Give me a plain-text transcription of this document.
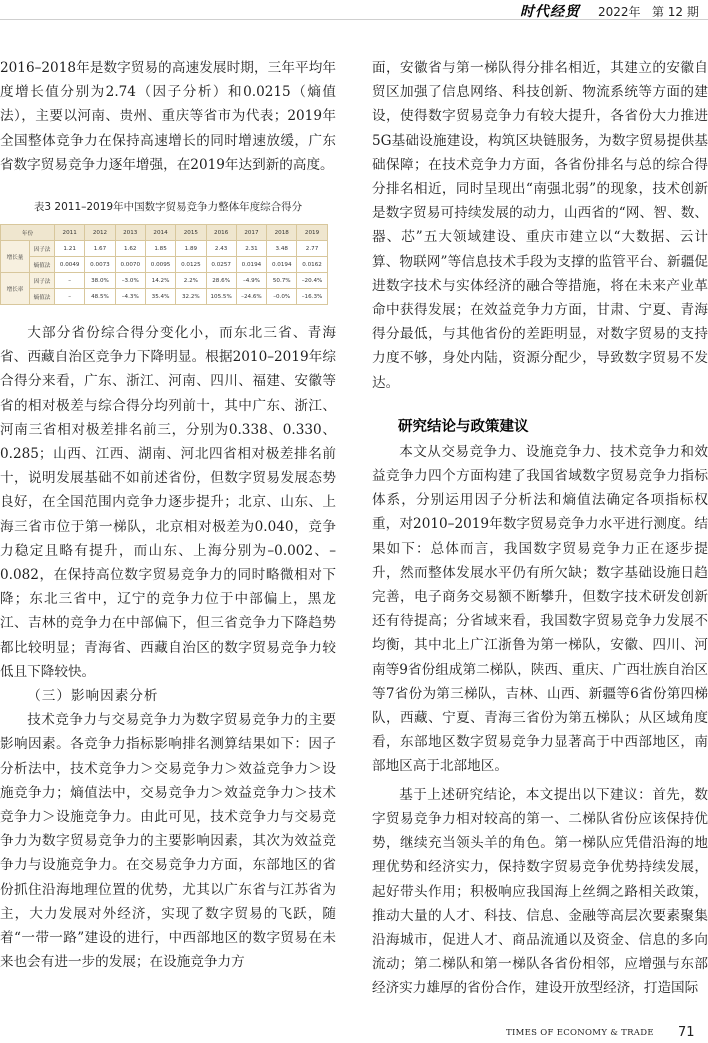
时代经贸 2022年   第 12 期

2016–2018年是数字贸易的高速发展时期，三年平均年度增长值分别为2.74（因子分析）和0.0215（熵值法），主要以河南、贵州、重庆等省市为代表；2019年全国整体竞争力在保持高速增长的同时增速放缓，广东省数字贸易竞争力逐年增强，在2019年达到新的高度。

表3 2011–2019年中国数字贸易竞争力整体年度综合得分
年份		2011	2012	2013	2014	2015	2016	2017	2018	2019
增长量	因子法	1.21	1.67	1.62	1.85	1.89	2.43	2.31	3.48	2.77
	熵值法	0.0049	0.0073	0.0070	0.0095	0.0125	0.0257	0.0194	0.0194	0.0162
增长率	因子法	–	38.0%	–3.0%	14.2%	2.2%	28.6%	–4.9%	50.7%	–20.4%
	熵值法	–	48.5%	–4.3%	35.4%	32.2%	105.5%	–24.6%	–0.0%	–16.3%

大部分省份综合得分变化小，而东北三省、青海省、西藏自治区竞争力下降明显。根据2010–2019年综合得分来看，广东、浙江、河南、四川、福建、安徽等省的相对极差与综合得分均列前十，其中广东、浙江、河南三省相对极差排名前三，分别为0.338、0.330、0.285；山西、江西、湖南、河北四省相对极差排名前十，说明发展基础不如前述省份，但数字贸易发展态势良好，在全国范围内竞争力逐步提升；北京、山东、上海三省市位于第一梯队，北京相对极差为0.040，竞争力稳定且略有提升，而山东、上海分别为–0.002、–0.082，在保持高位数字贸易竞争力的同时略微相对下降；东北三省中，辽宁的竞争力位于中部偏上，黑龙江、吉林的竞争力在中部偏下，但三省竞争力下降趋势都比较明显；青海省、西藏自治区的数字贸易竞争力较低且下降较快。

（三）影响因素分析

技术竞争力与交易竞争力为数字贸易竞争力的主要影响因素。各竞争力指标影响排名测算结果如下：因子分析法中，技术竞争力＞交易竞争力＞效益竞争力＞设施竞争力；熵值法中，交易竞争力＞效益竞争力＞技术竞争力＞设施竞争力。由此可见，技术竞争力与交易竞争力为数字贸易竞争力的主要影响因素，其次为效益竞争力与设施竞争力。在交易竞争力方面，东部地区的省份抓住沿海地理位置的优势，尤其以广东省与江苏省为主，大力发展对外经济，实现了数字贸易的飞跃，随着“一带一路”建设的进行，中西部地区的数字贸易在未来也会有进一步的发展；在设施竞争力方

面，安徽省与第一梯队得分排名相近，其建立的安徽自贸区加强了信息网络、科技创新、物流系统等方面的建设，使得数字贸易竞争力有较大提升，各省份大力推进5G基础设施建设，构筑区块链服务，为数字贸易提供基础保障；在技术竞争力方面，各省份排名与总的综合得分排名相近，同时呈现出“南强北弱”的现象，技术创新是数字贸易可持续发展的动力，山西省的“网、智、数、器、芯”五大领域建设、重庆市建立以“大数据、云计算、物联网”等信息技术手段为支撑的监管平台、新疆促进数字技术与实体经济的融合等措施，将在未来产业革命中获得发展；在效益竞争力方面，甘肃、宁夏、青海得分最低，与其他省份的差距明显，对数字贸易的支持力度不够，身处内陆，资源分配少，导致数字贸易不发达。

研究结论与政策建议

本文从交易竞争力、设施竞争力、技术竞争力和效益竞争力四个方面构建了我国省域数字贸易竞争力指标体系，分别运用因子分析法和熵值法确定各项指标权重，对2010–2019年数字贸易竞争力水平进行测度。结果如下：总体而言，我国数字贸易竞争力正在逐步提升，然而整体发展水平仍有所欠缺；数字基础设施日趋完善，电子商务交易额不断攀升，但数字技术研发创新还有待提高；分省域来看，我国数字贸易竞争力发展不均衡，其中北上广江浙鲁为第一梯队，安徽、四川、河南等9省份组成第二梯队，陕西、重庆、广西壮族自治区等7省份为第三梯队，吉林、山西、新疆等6省份第四梯队，西藏、宁夏、青海三省份为第五梯队；从区域角度看，东部地区数字贸易竞争力显著高于中西部地区，南部地区高于北部地区。

基于上述研究结论，本文提出以下建议：首先，数字贸易竞争力相对较高的第一、二梯队省份应该保持优势，继续充当领头羊的角色。第一梯队应凭借沿海的地理优势和经济实力，保持数字贸易竞争优势持续发展，起好带头作用；积极响应我国海上丝绸之路相关政策，推动大量的人才、科技、信息、金融等高层次要素聚集沿海城市，促进人才、商品流通以及资金、信息的多向流动；第二梯队和第一梯队各省份相邻，应增强与东部经济实力雄厚的省份合作，建设开放型经济，打造国际

TIMES OF ECONOMY & TRADE 71
